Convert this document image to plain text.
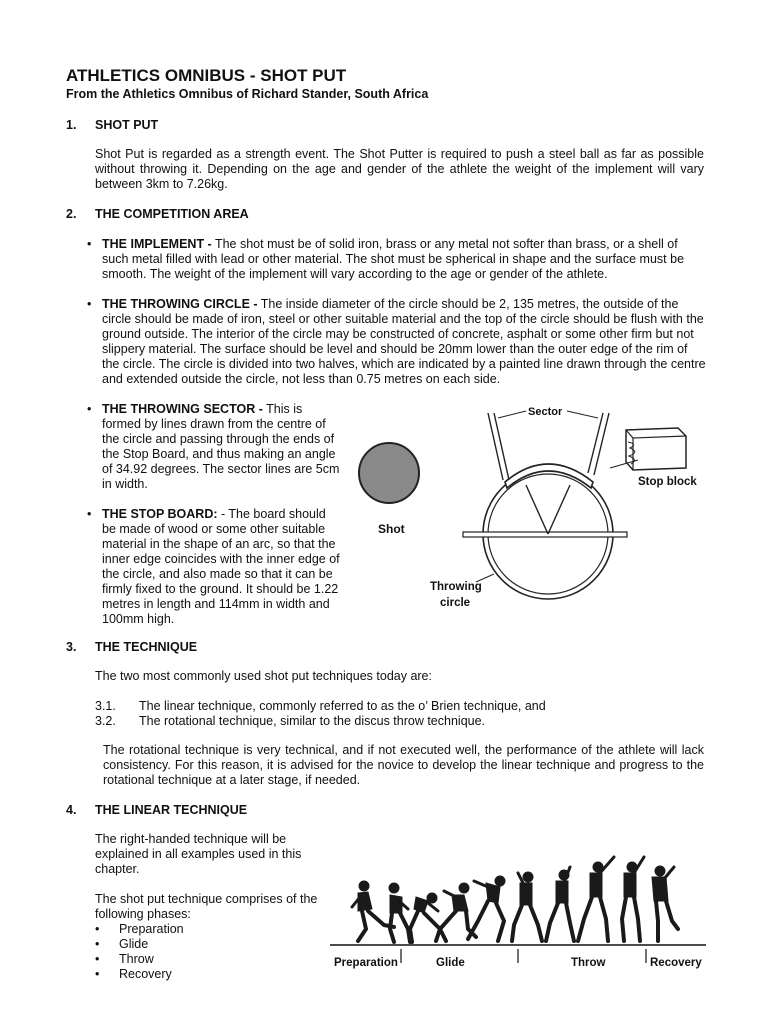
ATHLETICS OMNIBUS - SHOT PUT
From the Athletics Omnibus of Richard Stander, South Africa
1. SHOT PUT

Shot Put is regarded as a strength event. The Shot Putter is required to push a steel ball as far as possible without throwing it. Depending on the age and gender of the athlete the weight of the implement will vary between 3km to 7.26kg.

2. THE COMPETITION AREA
• THE IMPLEMENT - The shot must be of solid iron, brass or any metal not softer than brass, or a shell of such metal filled with lead or other material. The shot must be spherical in shape and the surface must be smooth. The weight of the implement will vary according to the age or gender of the athlete.

• THE THROWING CIRCLE - The inside diameter of the circle should be 2, 135 metres, the outside of the circle should be made of iron, steel or other suitable material and the top of the circle should be flush with the ground outside. The interior of the circle may be constructed of concrete, asphalt or some other firm but not slippery material. The surface should be level and should be 20mm lower than the outer edge of the rim of the circle. The circle is divided into two halves, which are indicated by a painted line drawn through the centre and extended outside the circle, not less than 0.75 metres on each side.

• THE THROWING SECTOR - This is formed by lines drawn from the centre of the circle and passing through the ends of the Stop Board, and thus making an angle of 34.92 degrees. The sector lines are 5cm in width.

• THE STOP BOARD: - The board should be made of wood or some other suitable material in the shape of an arc, so that the inner edge coincides with the inner edge of the circle, and also made so that it can be firmly fixed to the ground. It should be 1.22 metres in length and 114mm in width and 100mm high.

Shot
Sector
Stop block
Throwing
circle
3. THE TECHNIQUE

The two most commonly used shot put techniques today are:

3.1. The linear technique, commonly referred to as the o’ Brien technique, and
3.2. The rotational technique, similar to the discus throw technique.

The rotational technique is very technical, and if not executed well, the performance of the athlete will lack consistency. For this reason, it is advised for the novice to develop the linear technique and progress to the rotational technique at a later stage, if needed.

4. THE LINEAR TECHNIQUE

The right-handed technique will be explained in all examples used in this chapter.

The shot put technique comprises of the following phases:

• Preparation
• Glide
• Throw
• Recovery
Preparation	Glide	Throw	Recovery
